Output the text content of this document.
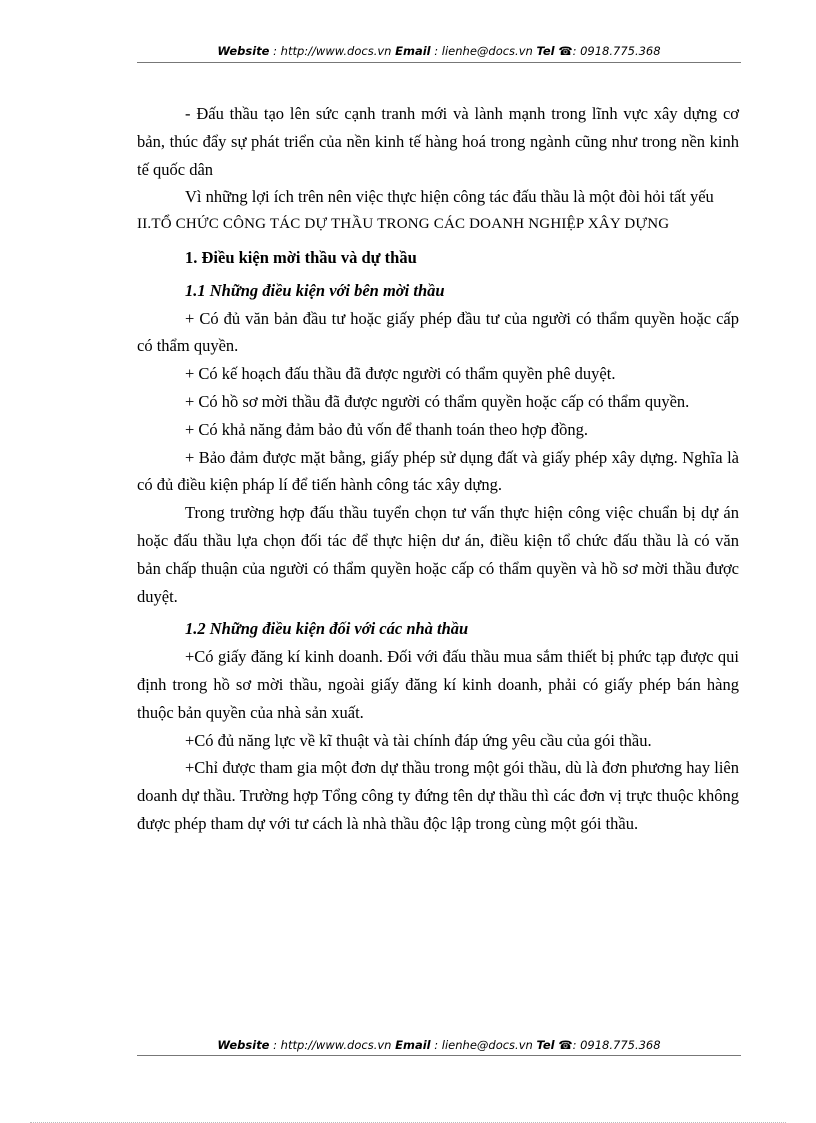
Website : http://www.docs.vn Email : lienhe@docs.vn Tel ☎: 0918.775.368

- Đấu thầu tạo lên sức cạnh tranh mới và lành mạnh trong lĩnh vực xây dựng cơ bản, thúc đẩy sự phát triển của nền kinh tế hàng hoá trong ngành cũng như trong nền kinh tế quốc dân

Vì những lợi ích trên nên việc thực hiện công tác đấu thầu là một đòi hỏi tất yếu

II.TỔ CHỨC CÔNG TÁC DỰ THẦU TRONG CÁC DOANH NGHIỆP XÂY DỰNG

1. Điều kiện mời thầu và dự thầu

1.1 Những điều kiện với bên mời thầu

+ Có đủ văn bản đầu tư hoặc giấy phép đầu tư của người có thẩm quyền hoặc cấp có thẩm quyền.

+ Có kế hoạch đấu thầu đã được người có thẩm quyền phê duyệt.

+ Có hồ sơ mời thầu đã được người có thẩm quyền hoặc cấp có thẩm quyền.

+ Có khả năng đảm bảo đủ vốn để thanh toán theo hợp đồng.

+ Bảo đảm được mặt bằng, giấy phép sử dụng đất và giấy phép xây dựng. Nghĩa là có đủ điều kiện pháp lí để tiến hành công tác xây dựng.

Trong trường hợp đấu thầu tuyển chọn tư vấn thực hiện công việc chuẩn bị dự án hoặc đấu thầu lựa chọn đối tác để thực hiện dư án, điều kiện tổ chức đấu thầu là có văn bản chấp thuận của người có thẩm quyền hoặc cấp có thẩm quyền và hồ sơ mời thầu được duyệt.

1.2 Những điều kiện đối với các nhà thầu

+Có giấy đăng kí kinh doanh. Đối với đấu thầu mua sắm thiết bị phức tạp được qui định trong hồ sơ mời thầu, ngoài giấy đăng kí kinh doanh, phải có giấy phép bán hàng thuộc bản quyền của nhà sản xuất.

+Có đủ năng lực về kĩ thuật và tài chính đáp ứng yêu cầu của gói thầu.

+Chỉ được tham gia một đơn dự thầu trong một gói thầu, dù là đơn phương hay liên doanh dự thầu. Trường hợp Tổng công ty đứng tên dự thầu thì các đơn vị trực thuộc không được phép tham dự với tư cách là nhà thầu độc lập trong cùng một gói thầu.

Website : http://www.docs.vn Email : lienhe@docs.vn Tel ☎: 0918.775.368
